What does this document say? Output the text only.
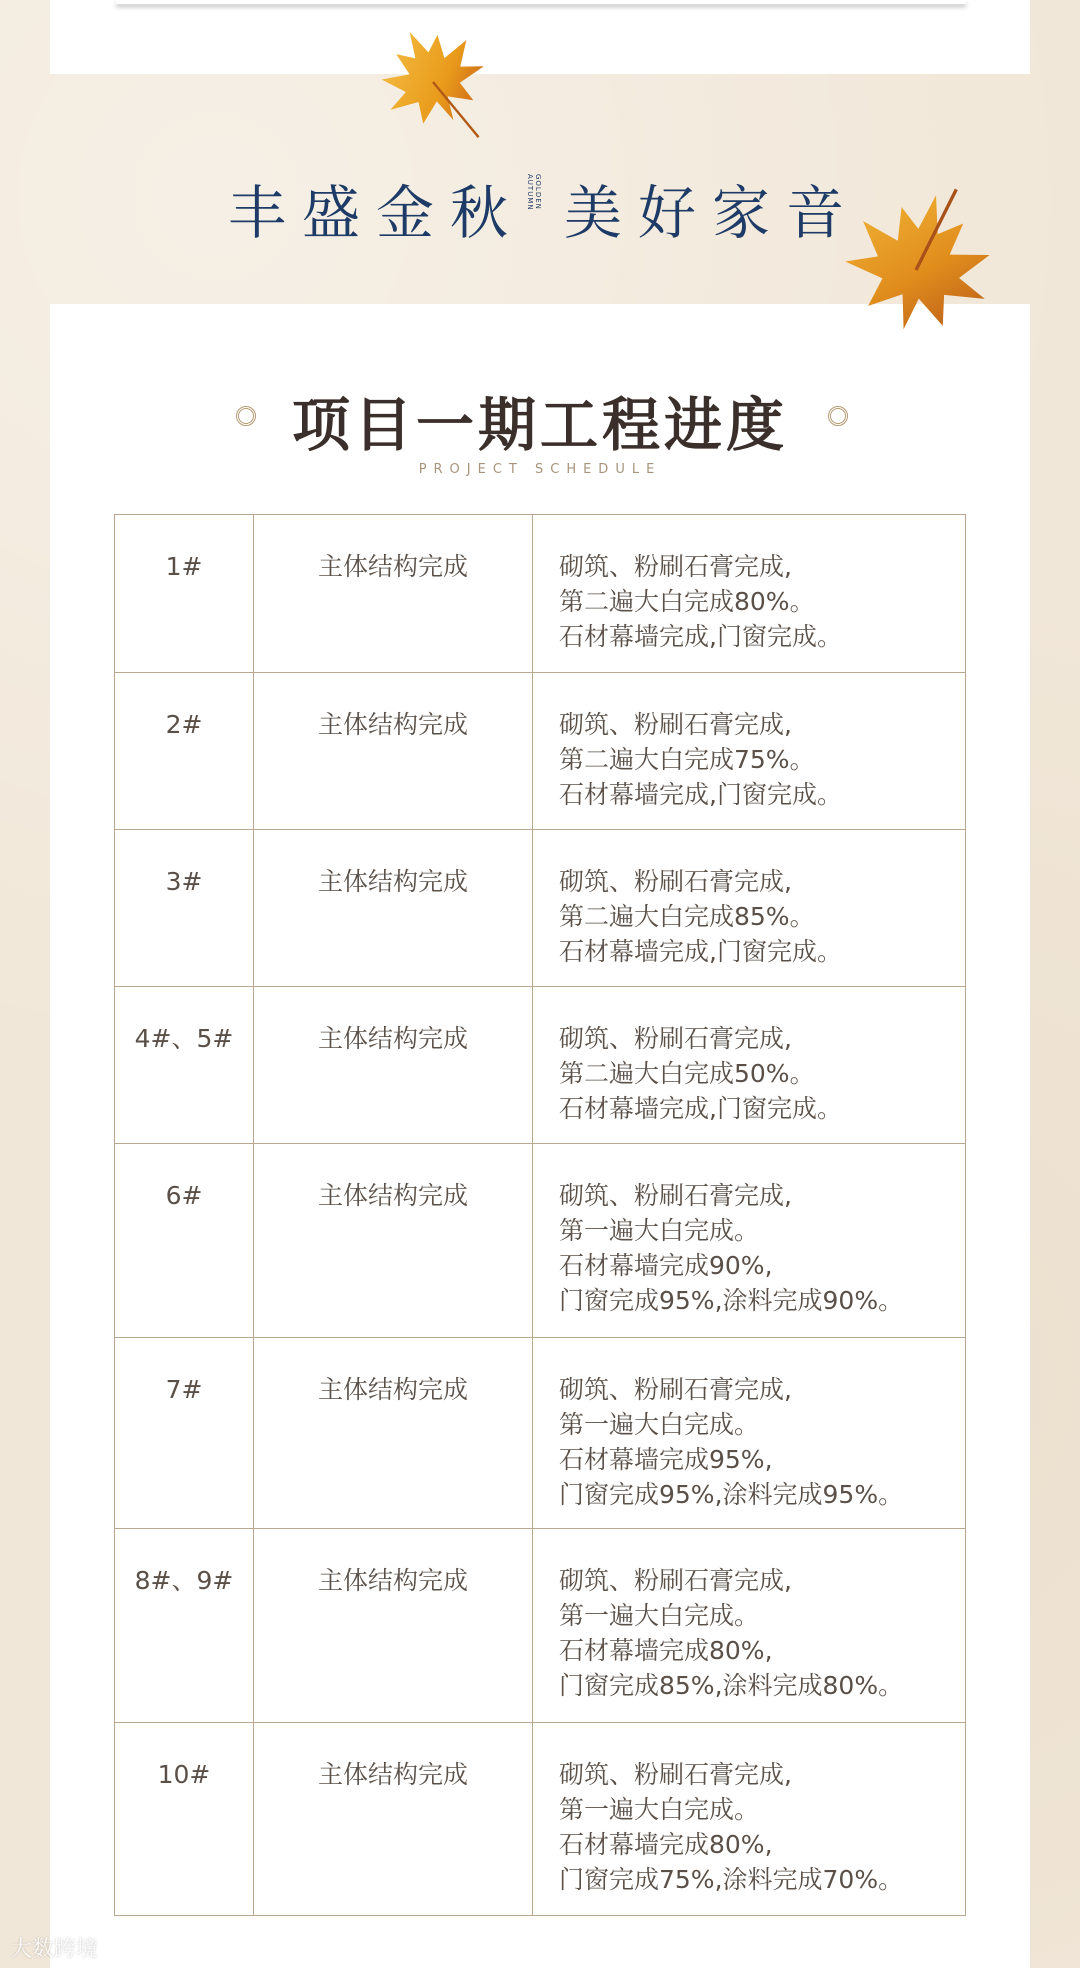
丰盛金秋	GOLDEN AUTUMN 美好家音
项目一期工程进度
PROJECT SCHEDULE
1#	主体结构完成	砌筑、粉刷石膏完成,
第二遍大白完成80%。
石材幕墙完成,门窗完成。

2#	主体结构完成	砌筑、粉刷石膏完成,
第二遍大白完成75%。
石材幕墙完成,门窗完成。

3#	主体结构完成	砌筑、粉刷石膏完成,
第二遍大白完成85%。
石材幕墙完成,门窗完成。

4#、5#	主体结构完成	砌筑、粉刷石膏完成,
第二遍大白完成50%。
石材幕墙完成,门窗完成。

6#	主体结构完成	砌筑、粉刷石膏完成,
第一遍大白完成。
石材幕墙完成90%,
门窗完成95%,涂料完成90%。

7#	主体结构完成	砌筑、粉刷石膏完成,
第一遍大白完成。
石材幕墙完成95%,
门窗完成95%,涂料完成95%。

8#、9#	主体结构完成	砌筑、粉刷石膏完成,
第一遍大白完成。
石材幕墙完成80%,
门窗完成85%,涂料完成80%。

10#	主体结构完成	砌筑、粉刷石膏完成,
第一遍大白完成。
石材幕墙完成80%,
门窗完成75%,涂料完成70%。
大数跨境
